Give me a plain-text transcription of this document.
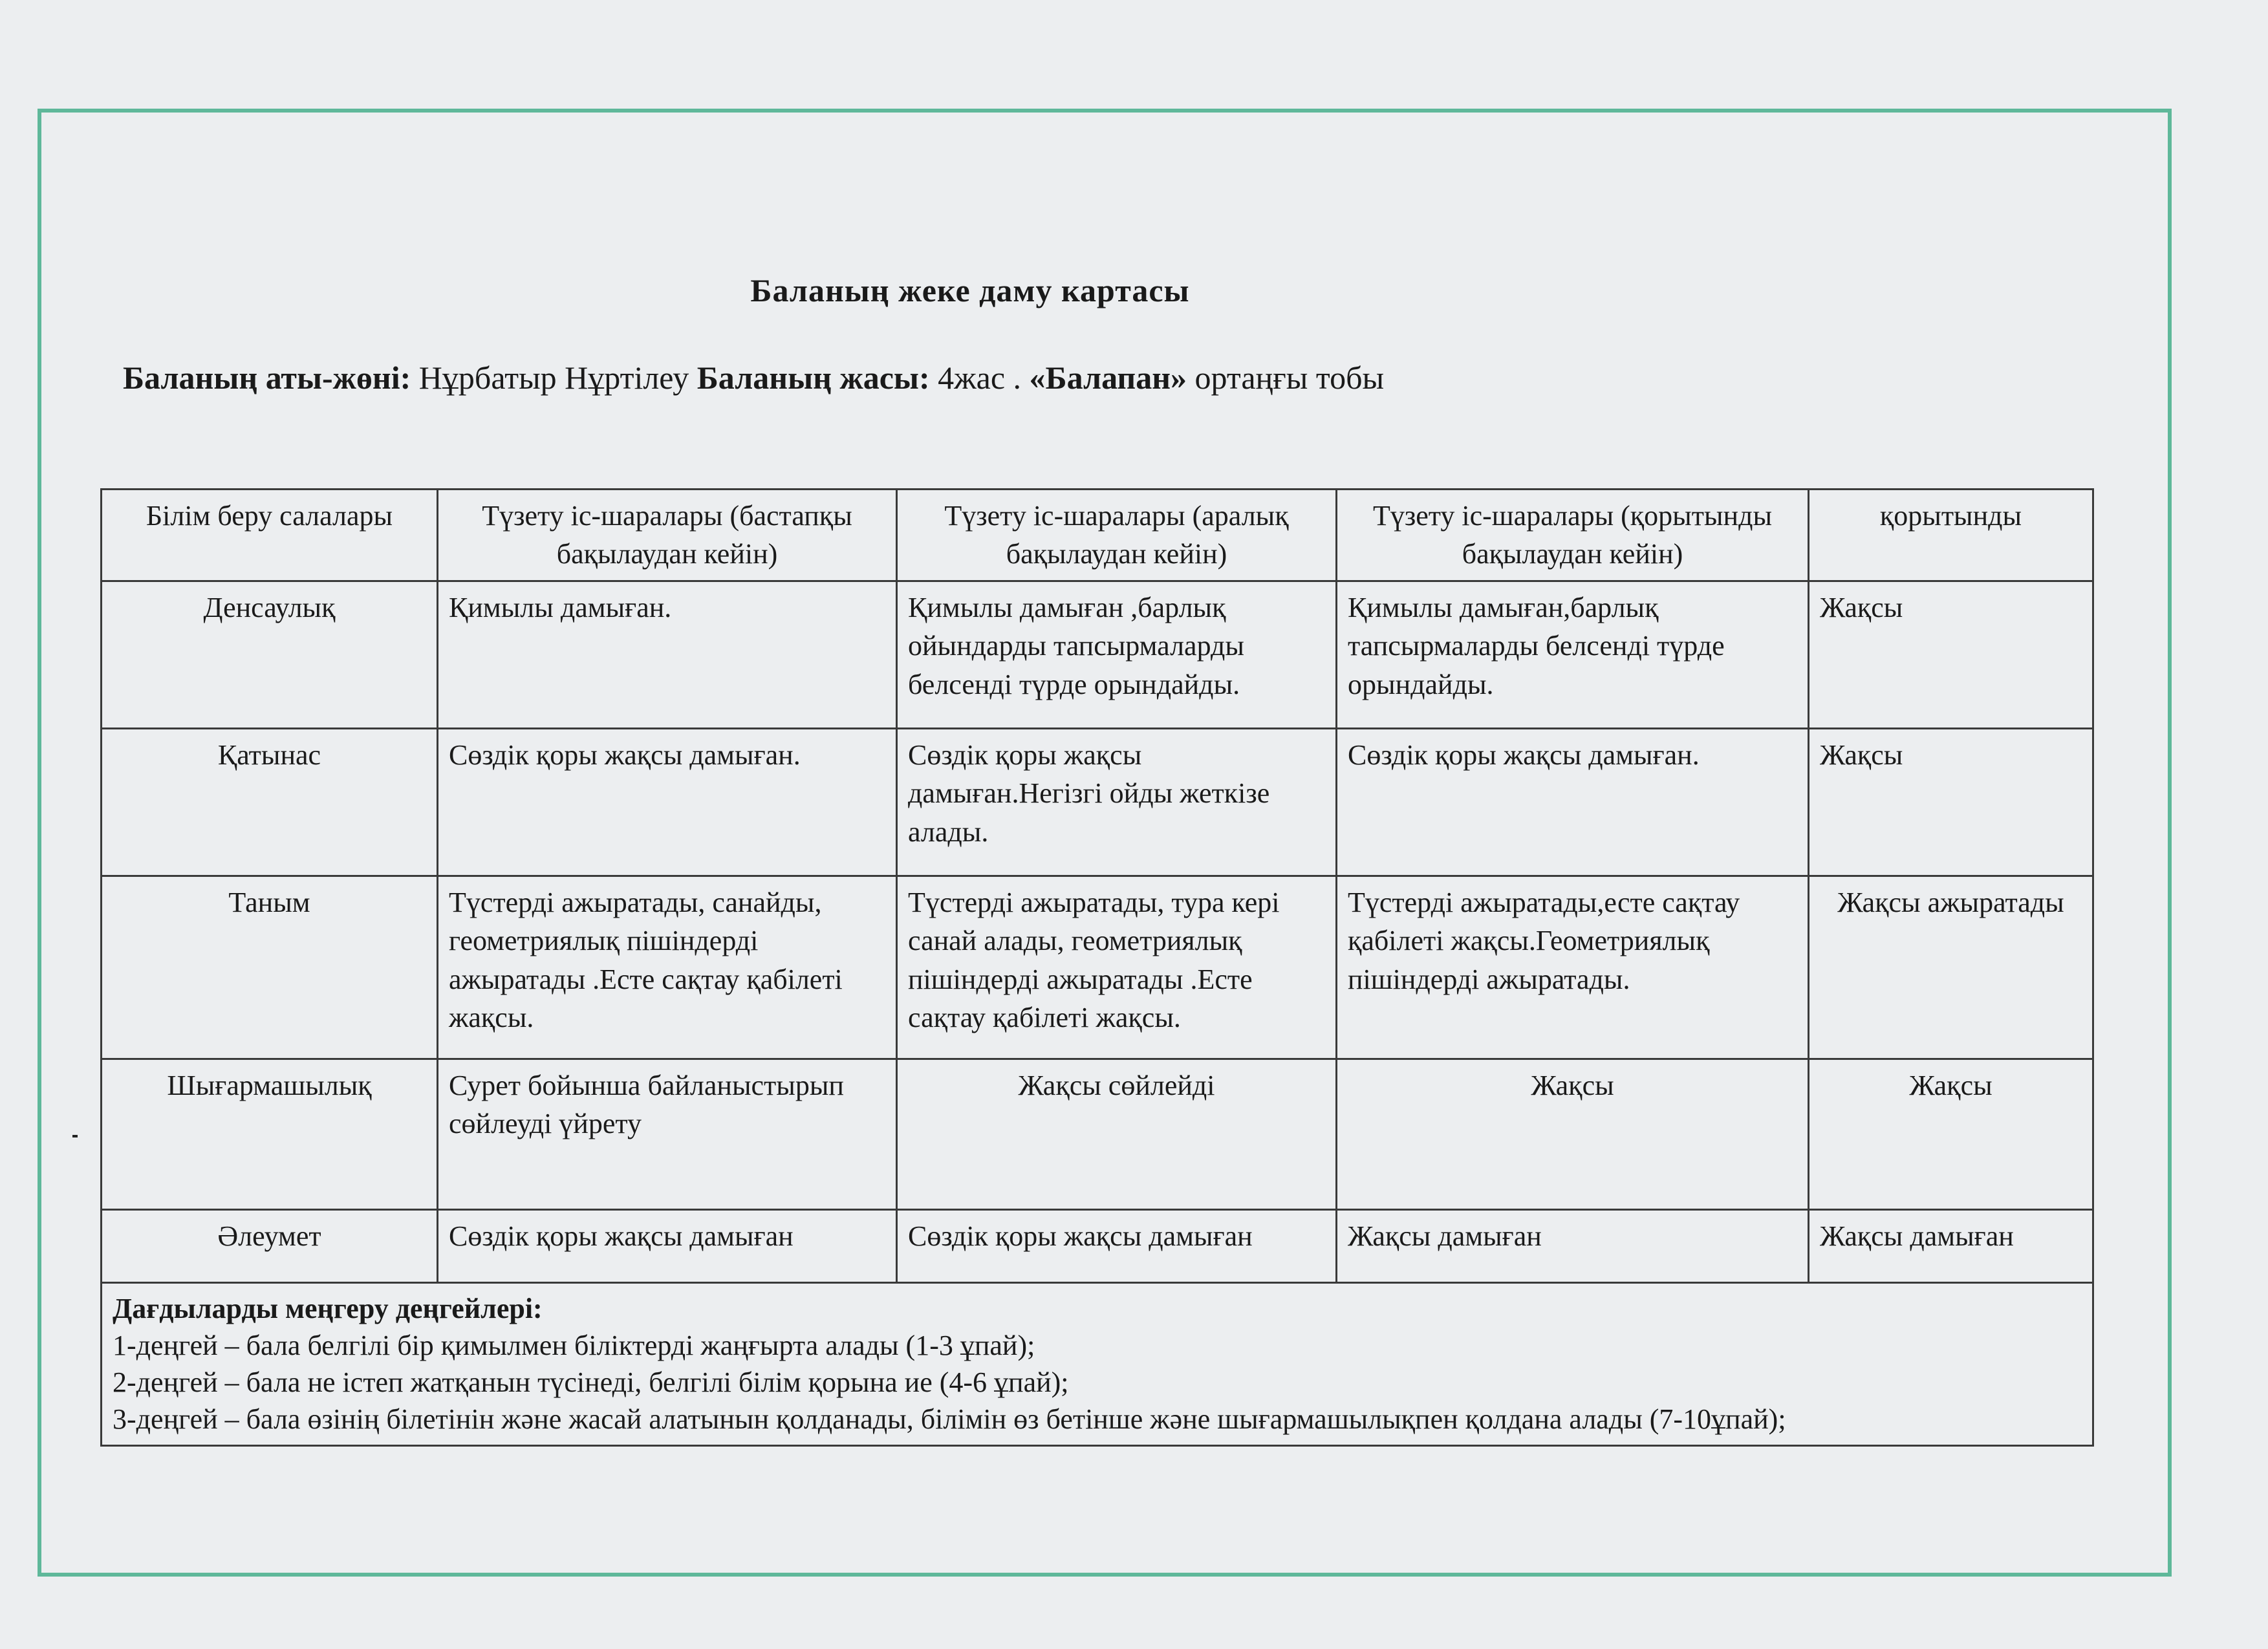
Баланың жеке даму картасы
Баланың аты-жөні: Нұрбатыр Нұртілеу Баланың жасы: 4жас . «Балапан» ортаңғы тобы
Білім беру салалары	Түзету іс-шаралары (бастапқы бақылаудан кейін)	Түзету іс-шаралары (аралық бақылаудан кейін)	Түзету іс-шаралары (қорытынды бақылаудан кейін)	қорытынды
Денсаулық	Қимылы дамыған.	Қимылы дамыған ,барлық ойындарды тапсырмаларды белсенді түрде орындайды.	Қимылы дамыған,барлық тапсырмаларды белсенді түрде орындайды.	Жақсы
Қатынас	Сөздік қоры жақсы дамыған.	Сөздік қоры жақсы дамыған.Негізгі ойды жеткізе алады.	Сөздік қоры жақсы дамыған.	Жақсы
Таным	Түстерді ажыратады, санайды, геометриялық пішіндерді ажыратады .Есте сақтау қабілеті жақсы.	Түстерді ажыратады, тура кері санай алады, геометриялық пішіндерді ажыратады .Есте сақтау қабілеті жақсы.	Түстерді ажыратады,есте сақтау қабілеті жақсы.Геометриялық пішіндерді ажыратады.	Жақсы ажыратады
Шығармашылық	Сурет бойынша байланыстырып сөйлеуді үйрету	Жақсы сөйлейді	Жақсы	Жақсы
Әлеумет	Сөздік қоры жақсы дамыған	Сөздік қоры жақсы дамыған	Жақсы дамыған	Жақсы дамыған

Дағдыларды меңгеру деңгейлері:
1-деңгей – бала белгілі бір қимылмен біліктерді жаңғырта алады (1-3 ұпай);
2-деңгей – бала не істеп жатқанын түсінеді, белгілі білім қорына ие (4-6 ұпай);
3-деңгей – бала өзінің білетінін және жасай алатынын қолданады, білімін өз бетінше және шығармашылықпен қолдана алады (7-10ұпай);				
